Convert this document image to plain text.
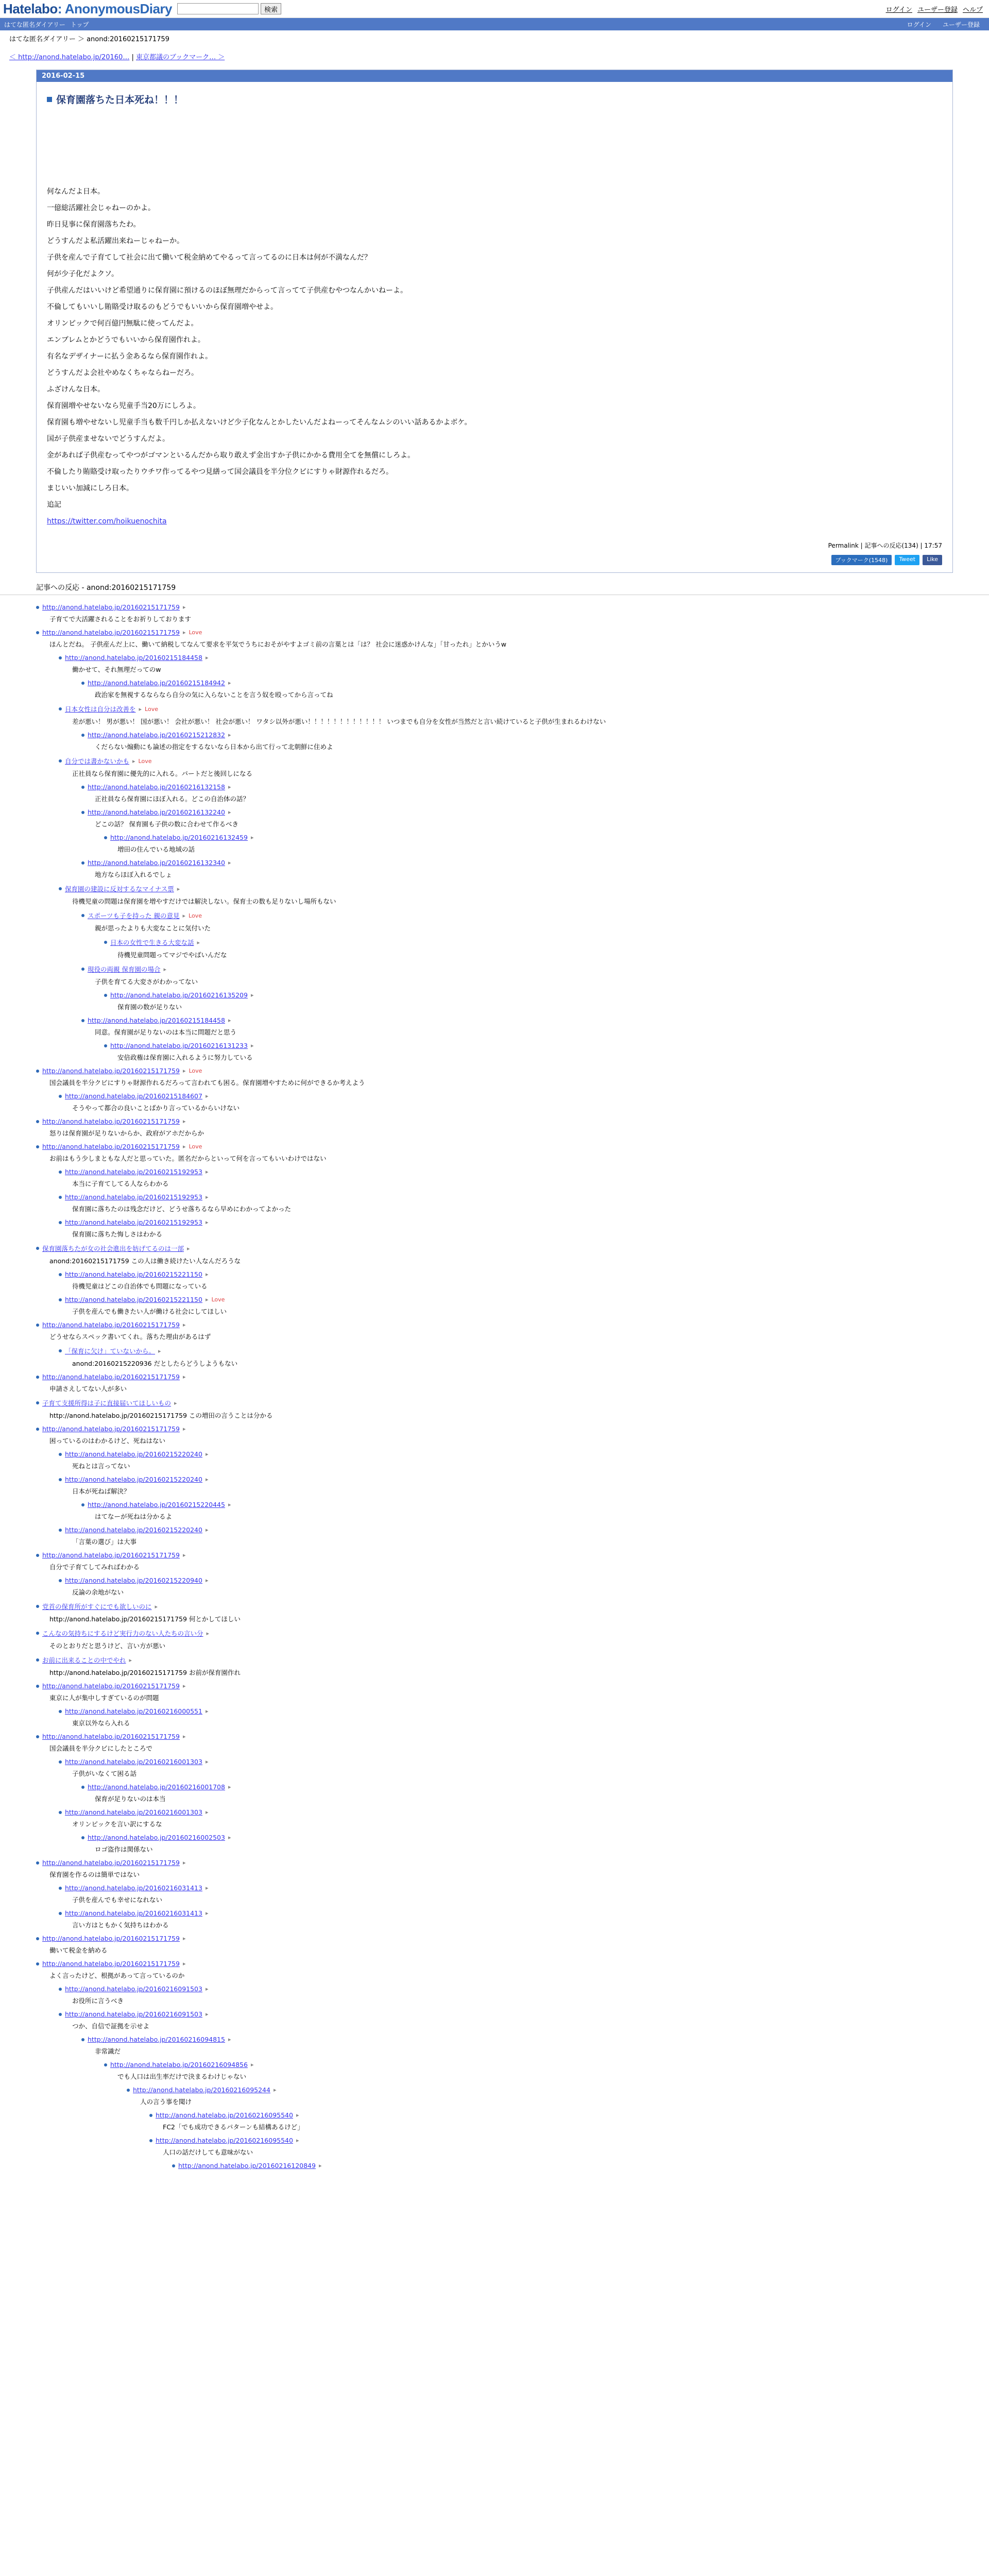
Hatelabo: AnonymousDiary	検索	ログイン ユーザー登録 ヘルプ
はてな匿名ダイアリー トップ	ログイン ユーザー登録
はてな匿名ダイアリー ＞ anond:20160215171759
＜ http://anond.hatelabo.jp/20160… | 東京都議のブックマーク… ＞
2016-02-15
保育園落ちた日本死ね！！！

何なんだよ日本。

一億総活躍社会じゃねーのかよ。

昨日見事に保育園落ちたわ。

どうすんだよ私活躍出来ねーじゃねーか。

子供を産んで子育てして社会に出て働いて税金納めてやるって言ってるのに日本は何が不満なんだ？

何が少子化だよクソ。

子供産んだはいいけど希望通りに保育園に預けるのほぼ無理だからって言ってて子供産むやつなんかいねーよ。

不倫してもいいし賄賂受け取るのもどうでもいいから保育園増やせよ。

オリンピックで何百億円無駄に使ってんだよ。

エンブレムとかどうでもいいから保育園作れよ。

有名なデザイナーに払う金あるなら保育園作れよ。

どうすんだよ会社やめなくちゃならねーだろ。

ふざけんな日本。

保育園増やせないなら児童手当20万にしろよ。

保育園も増やせないし児童手当も数千円しか払えないけど少子化なんとかしたいんだよねーってそんなムシのいい話あるかよボケ。

国が子供産ませないでどうすんだよ。

金があれば子供産むってやつがゴマンといるんだから取り敢えず金出すか子供にかかる費用全てを無償にしろよ。

不倫したり賄賂受け取ったりウチワ作ってるやつ見繕って国会議員を半分位クビにすりゃ財源作れるだろ。

まじいい加減にしろ日本。

追記

https://twitter.com/hoikuenochita
Permalink | 記事への反応(134) | 17:57
ブックマーク(1548)	Tweet	Like
記事への反応 - anond:20160215171759
http://anond.hatelabo.jp/20160215171759 ▸
子育てで大活躍されることをお祈りしております
http://anond.hatelabo.jp/20160215171759 ▸ Love
ほんとだね。 子供産んだ上に、働いて納税してなんて要求を平気でうちにおそがやすよゴミ前の言葉とは「は？ 社会に迷惑かけんな」「甘ったれ」とかいうw
http://anond.hatelabo.jp/20160215184458 ▸
働かせて、それ無理だってのw
http://anond.hatelabo.jp/20160215184942 ▸
政治家を無視するならなら自分の気に入らないことを言う奴を殴ってから言ってね
日本女性は自分は改善を ▸ Love
差が悪い！ 男が悪い！ 国が悪い！ 会社が悪い！ 社会が悪い！ ワタシ以外が悪い！！！！！！！！！！！！ いつまでも自分を女性が当然だと言い続けていると子供が生まれるわけない
http://anond.hatelabo.jp/20160215212832 ▸
くだらない煽動にも論述の指定をするないなら日本から出て行って北朝鮮に住めよ
自分では書かないかも ▸ Love
正社員なら保育園に優先的に入れる。パートだと後回しになる
http://anond.hatelabo.jp/20160216132158 ▸
正社員なら保育園にほぼ入れる。どこの自治体の話？
http://anond.hatelabo.jp/20160216132240 ▸
どこの話？ 保育園も子供の数に合わせて作るべき
http://anond.hatelabo.jp/20160216132459 ▸
増田の住んでいる地域の話
http://anond.hatelabo.jp/20160216132340 ▸
地方ならほぼ入れるでしょ
保育園の建設に反対するなマイナス票 ▸
待機児童の問題は保育園を増やすだけでは解決しない。保育士の数も足りないし場所もない
スポーツも子を持った 親の意見 ▸ Love
親が思ったよりも大変なことに気付いた
日本の女性で生きる大変な話 ▸
待機児童問題ってマジでやばいんだな
現役の両親 保育園の場合 ▸
子供を育てる大変さがわかってない
http://anond.hatelabo.jp/20160216135209 ▸
保育園の数が足りない
http://anond.hatelabo.jp/20160215184458 ▸
同意。保育園が足りないのは本当に問題だと思う
http://anond.hatelabo.jp/20160216131233 ▸
安倍政権は保育園に入れるように努力している
http://anond.hatelabo.jp/20160215171759 ▸ Love
国会議員を半分クビにすりゃ財源作れるだろって言われても困る。保育園増やすために何ができるか考えよう
http://anond.hatelabo.jp/20160215184607 ▸
そうやって都合の良いことばかり言っているからいけない
http://anond.hatelabo.jp/20160215171759 ▸
怒りは保育園が足りないからか、政府がアホだからか
http://anond.hatelabo.jp/20160215171759 ▸ Love
お前はもう少しまともな人だと思っていた。匿名だからといって何を言ってもいいわけではない
http://anond.hatelabo.jp/20160215192953 ▸
本当に子育てしてる人ならわかる
http://anond.hatelabo.jp/20160215192953 ▸
保育園に落ちたのは残念だけど、どうせ落ちるなら早めにわかってよかった
http://anond.hatelabo.jp/20160215192953 ▸
保育園に落ちた悔しさはわかる
保育園落ちたが女の社会進出を妨げてるのは一部 ▸
anond:20160215171759 この人は働き続けたい人なんだろうな
http://anond.hatelabo.jp/20160215221150 ▸
待機児童はどこの自治体でも問題になっている
http://anond.hatelabo.jp/20160215221150 ▸ Love
子供を産んでも働きたい人が働ける社会にしてほしい
http://anond.hatelabo.jp/20160215171759 ▸
どうせならスペック書いてくれ。落ちた理由があるはず
「保育に欠け」ていないから。 ▸
anond:20160215220936 だとしたらどうしようもない
http://anond.hatelabo.jp/20160215171759 ▸
申請さえしてない人が多い
子育て支援所得は子に直接届いてほしいもの ▸
http://anond.hatelabo.jp/20160215171759 この増田の言うことは分かる
http://anond.hatelabo.jp/20160215171759 ▸
困っているのはわかるけど、死ねはない
http://anond.hatelabo.jp/20160215220240 ▸
死ねとは言ってない
http://anond.hatelabo.jp/20160215220240 ▸
日本が死ねば解決？
http://anond.hatelabo.jp/20160215220445 ▸
はてなーが死ねは分かるよ
http://anond.hatelabo.jp/20160215220240 ▸
「言葉の選び」は大事
http://anond.hatelabo.jp/20160215171759 ▸
自分で子育てしてみればわかる
http://anond.hatelabo.jp/20160215220940 ▸
反論の余地がない
党首の保育所がすぐにでも欲しいのに ▸
http://anond.hatelabo.jp/20160215171759 何とかしてほしい
こんなの気持ちにするけど実行力のない人たちの言い分 ▸
そのとおりだと思うけど、言い方が悪い
お前に出来ることの中でやれ ▸
http://anond.hatelabo.jp/20160215171759 お前が保育園作れ
http://anond.hatelabo.jp/20160215171759 ▸
東京に人が集中しすぎているのが問題
http://anond.hatelabo.jp/20160216000551 ▸
東京以外なら入れる
http://anond.hatelabo.jp/20160215171759 ▸
国会議員を半分クビにしたところで
http://anond.hatelabo.jp/20160216001303 ▸
子供がいなくて困る話
http://anond.hatelabo.jp/20160216001708 ▸
保育が足りないのは本当
http://anond.hatelabo.jp/20160216001303 ▸
オリンピックを言い訳にするな
http://anond.hatelabo.jp/20160216002503 ▸
ロゴ盗作は関係ない
http://anond.hatelabo.jp/20160215171759 ▸
保育園を作るのは簡単ではない
http://anond.hatelabo.jp/20160216031413 ▸
子供を産んでも幸せになれない
http://anond.hatelabo.jp/20160216031413 ▸
言い方はともかく気持ちはわかる
http://anond.hatelabo.jp/20160215171759 ▸
働いて税金を納める
http://anond.hatelabo.jp/20160215171759 ▸
よく言ったけど、根拠があって言っているのか
http://anond.hatelabo.jp/20160216091503 ▸
お役所に言うべき
http://anond.hatelabo.jp/20160216091503 ▸
つか、自信で証拠を示せよ
http://anond.hatelabo.jp/20160216094815 ▸
非常識だ
http://anond.hatelabo.jp/20160216094856 ▸
でも人口は出生率だけで決まるわけじゃない
http://anond.hatelabo.jp/20160216095244 ▸
人の言う事を聞け
http://anond.hatelabo.jp/20160216095540 ▸
FC2「でも成功できるパターンも結構あるけど」
http://anond.hatelabo.jp/20160216095540 ▸
人口の話だけしても意味がない
http://anond.hatelabo.jp/20160216120849 ▸
